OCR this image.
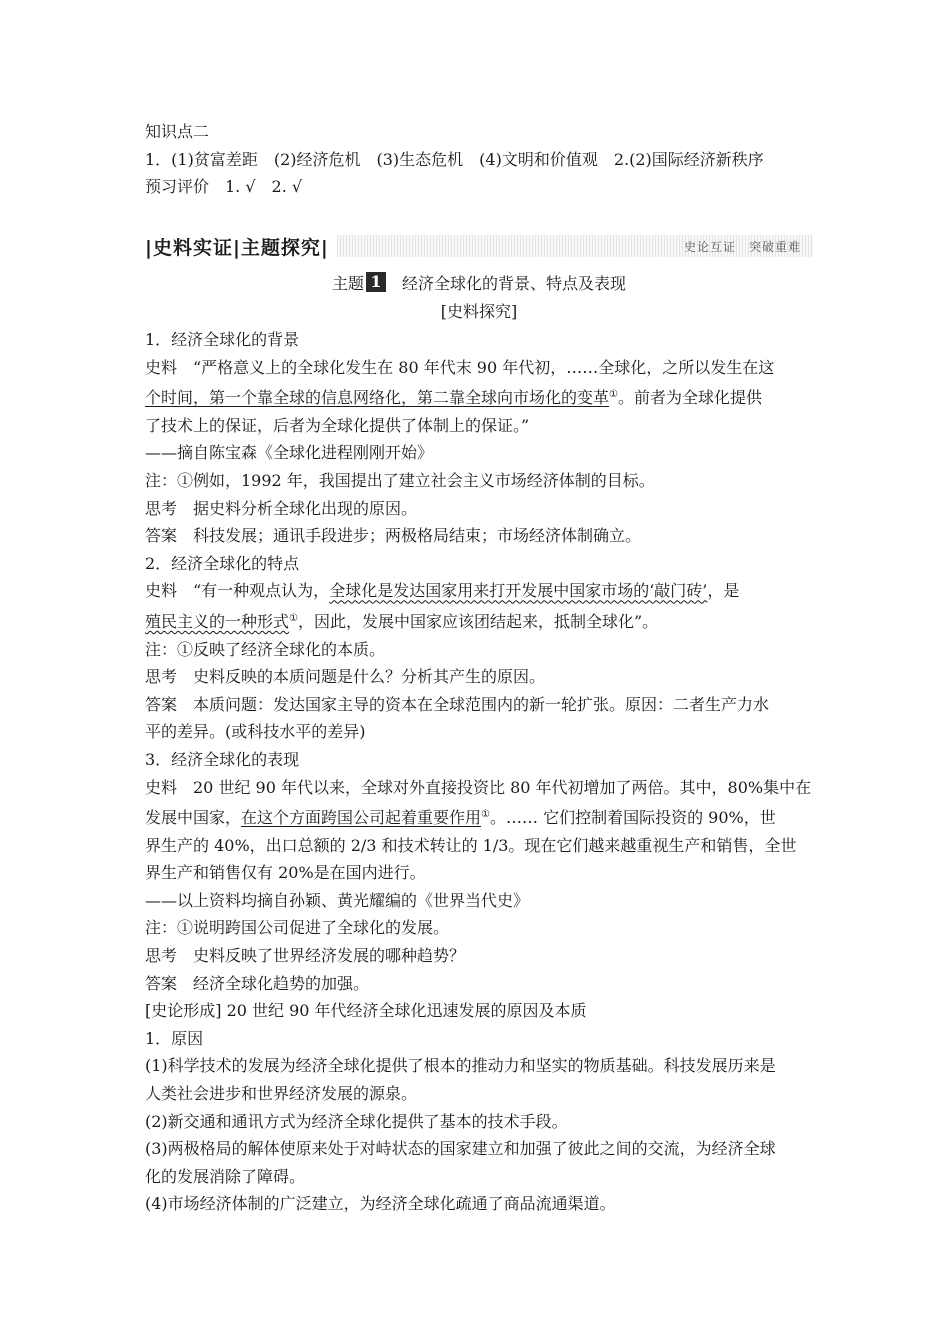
知识点二
1．(1)贫富差距　(2)经济危机　(3)生态危机　(4)文明和价值观　2.(2)国际经济新秩序
预习评价　1. √　2. √
|史料实证|主题探究|	史论互证　突破重难
主题 1 经济全球化的背景、特点及表现
[史料探究]
1．经济全球化的背景
史料　“严格意义上的全球化发生在 80 年代末 90 年代初，……全球化，之所以发生在这
个时间，第一个靠全球的信息网络化，第二靠全球向市场化的变革①。前者为全球化提供
了技术上的保证，后者为全球化提供了体制上的保证。”
——摘自陈宝森《全球化进程刚刚开始》
注：①例如，1992 年，我国提出了建立社会主义市场经济体制的目标。
思考　据史料分析全球化出现的原因。
答案　科技发展；通讯手段进步；两极格局结束；市场经济体制确立。
2．经济全球化的特点
史料　“有一种观点认为，全球化是发达国家用来打开发展中国家市场的‘敲门砖’，是
殖民主义的一种形式①，因此，发展中国家应该团结起来，抵制全球化”。
注：①反映了经济全球化的本质。
思考　史料反映的本质问题是什么？分析其产生的原因。
答案　本质问题：发达国家主导的资本在全球范围内的新一轮扩张。原因：二者生产力水
平的差异。(或科技水平的差异)
3．经济全球化的表现
史料　20 世纪 90 年代以来，全球对外直接投资比 80 年代初增加了两倍。其中，80%集中在
发展中国家，在这个方面跨国公司起着重要作用①。…… 它们控制着国际投资的 90%，世
界生产的 40%，出口总额的 2/3 和技术转让的 1/3。现在它们越来越重视生产和销售，全世
界生产和销售仅有 20%是在国内进行。
——以上资料均摘自孙颖、黄光耀编的《世界当代史》
注：①说明跨国公司促进了全球化的发展。
思考　史料反映了世界经济发展的哪种趋势？
答案　经济全球化趋势的加强。
[史论形成] 20 世纪 90 年代经济全球化迅速发展的原因及本质
1．原因
(1)科学技术的发展为经济全球化提供了根本的推动力和坚实的物质基础。科技发展历来是
人类社会进步和世界经济发展的源泉。
(2)新交通和通讯方式为经济全球化提供了基本的技术手段。
(3)两极格局的解体使原来处于对峙状态的国家建立和加强了彼此之间的交流，为经济全球
化的发展消除了障碍。
(4)市场经济体制的广泛建立，为经济全球化疏通了商品流通渠道。
